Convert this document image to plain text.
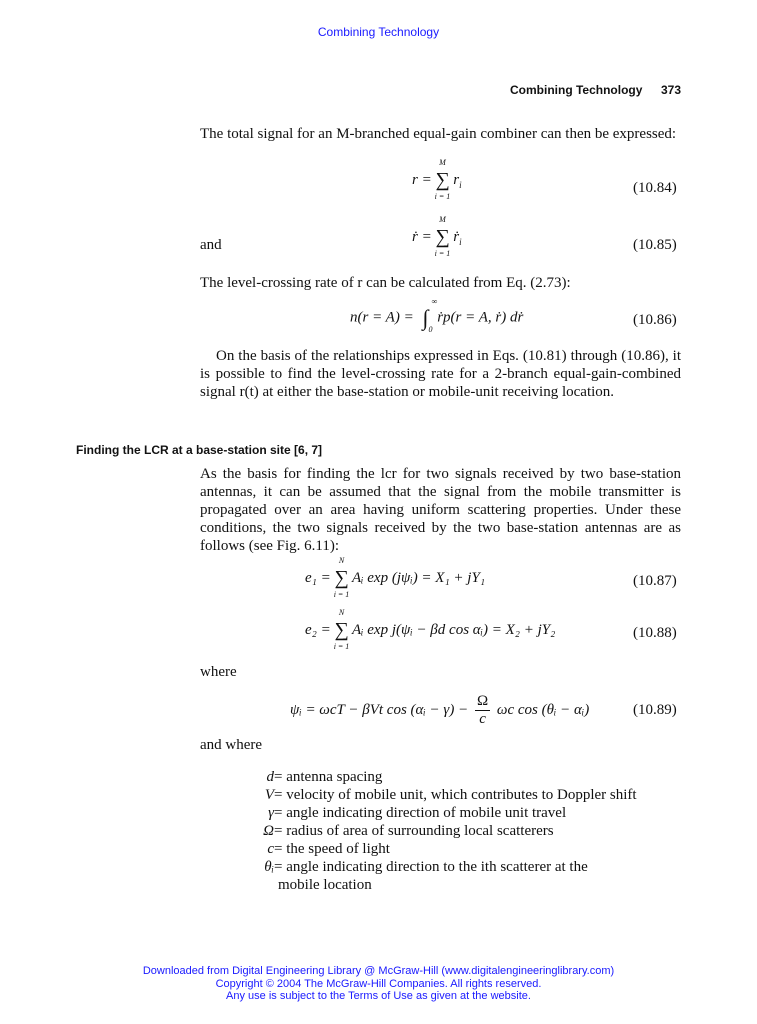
Combining Technology
Combining Technology 373
The total signal for an M-branched equal-gain combiner can then be expressed:
r =
M
∑
i = 1
$r_i$	(10.84)
and
ṙ =
M
∑
i = 1
ṙ$_i$	(10.85)
The level-crossing rate of r can be calculated from Eq. (2.73):
n(r = A) =
∞
∫ 0
ṙp(r = A, ṙ) dṙ	(10.86)
On the basis of the relationships expressed in Eqs. (10.81) through (10.86), it is possible to find the level-crossing rate for a 2-branch equal-gain-combined signal r(t) at either the base-station or mobile-unit receiving location.
Finding the LCR at a base-station site [6, 7]
As the basis for finding the lcr for two signals received by two base-station antennas, it can be assumed that the signal from the mobile transmitter is propagated over an area having uniform scattering properties. Under these conditions, the two signals received by the two base-station antennas are as follows (see Fig. 6.11):
e₁ =
N
∑
i = 1
Aᵢ exp (jψᵢ) = X₁ + jY₁	(10.87)
e₂ =
N
∑
i = 1
Aᵢ exp j(ψᵢ − βd cos αᵢ) = X₂ + jY₂	(10.88)
where
ψᵢ = ωcT − βVt cos (αᵢ − $\gamma) - \frac{\Omega}{c}$ ωc cos (θᵢ − αᵢ)	(10.89)
and where
d= antenna spacing
V= velocity of mobile unit, which contributes to Doppler shift
γ= angle indicating direction of mobile unit travel
Ω= radius of area of surrounding local scatterers
c= the speed of light
θᵢ= angle indicating direction to the ith scatterer at the
mobile location
Downloaded from Digital Engineering Library @ McGraw-Hill (www.digitalengineeringlibrary.com)
Copyright © 2004 The McGraw-Hill Companies. All rights reserved.
Any use is subject to the Terms of Use as given at the website.
